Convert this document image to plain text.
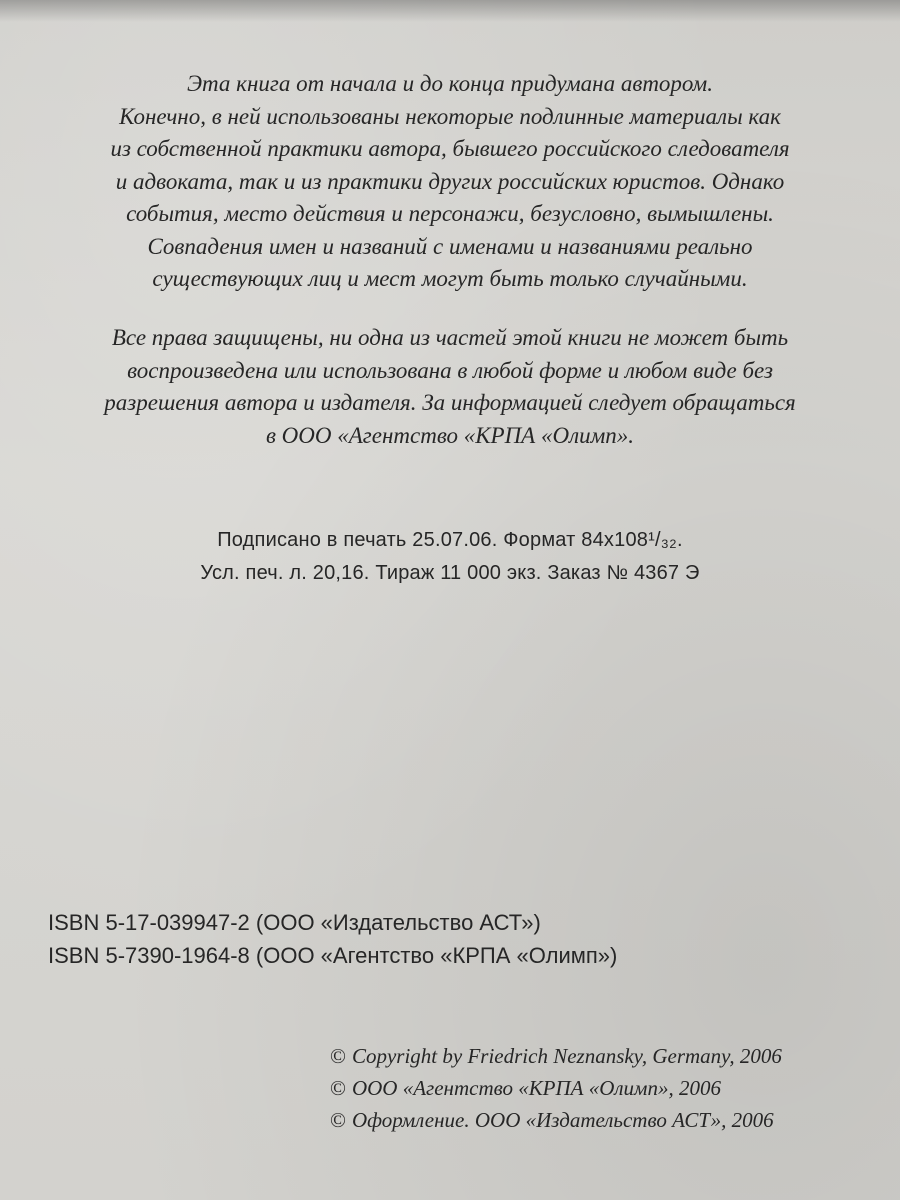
Эта книга от начала и до конца придумана автором.
Конечно, в ней использованы некоторые подлинные материалы как
из собственной практики автора, бывшего российского следователя
и адвоката, так и из практики других российских юристов. Однако
события, место действия и персонажи, безусловно, вымышлены.
Совпадения имен и названий с именами и названиями реально
существующих лиц и мест могут быть только случайными.

Все права защищены, ни одна из частей этой книги не может быть
воспроизведена или использована в любой форме и любом виде без
разрешения автора и издателя. За информацией следует обращаться
в ООО «Агентство «КРПА «Олимп».

Подписано в печать 25.07.06. Формат 84x108¹/₃₂.
Усл. печ. л. 20,16. Тираж 11 000 экз. Заказ № 4367 Э
ISBN 5-17-039947-2 (ООО «Издательство АСТ»)
ISBN 5-7390-1964-8 (ООО «Агентство «КРПА «Олимп»)
© Copyright by Friedrich Neznansky, Germany, 2006
© ООО «Агентство «КРПА «Олимп», 2006
© Оформление. ООО «Издательство АСТ», 2006
